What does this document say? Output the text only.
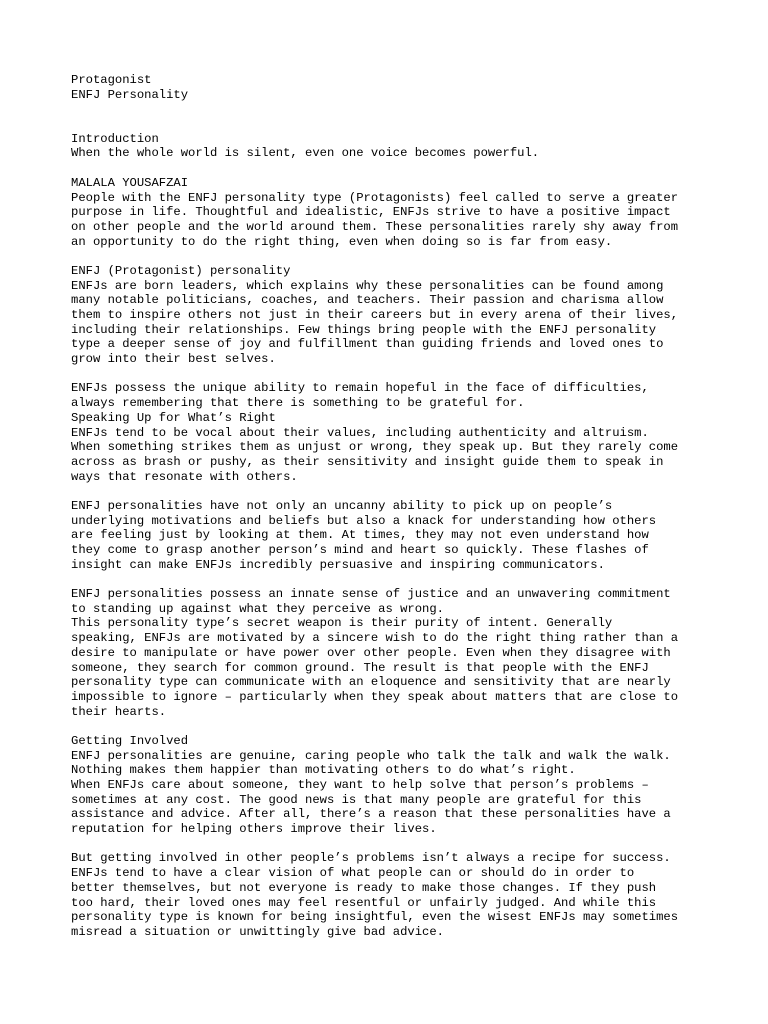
Protagonist
ENFJ Personality
Introduction
When the whole world is silent, even one voice becomes powerful.
MALALA YOUSAFZAI
People with the ENFJ personality type (Protagonists) feel called to serve a greater
purpose in life. Thoughtful and idealistic, ENFJs strive to have a positive impact
on other people and the world around them. These personalities rarely shy away from
an opportunity to do the right thing, even when doing so is far from easy.
ENFJ (Protagonist) personality
ENFJs are born leaders, which explains why these personalities can be found among
many notable politicians, coaches, and teachers. Their passion and charisma allow
them to inspire others not just in their careers but in every arena of their lives,
including their relationships. Few things bring people with the ENFJ personality
type a deeper sense of joy and fulfillment than guiding friends and loved ones to
grow into their best selves.
ENFJs possess the unique ability to remain hopeful in the face of difficulties,
always remembering that there is something to be grateful for.
Speaking Up for What’s Right
ENFJs tend to be vocal about their values, including authenticity and altruism.
When something strikes them as unjust or wrong, they speak up. But they rarely come
across as brash or pushy, as their sensitivity and insight guide them to speak in
ways that resonate with others.
ENFJ personalities have not only an uncanny ability to pick up on people’s
underlying motivations and beliefs but also a knack for understanding how others
are feeling just by looking at them. At times, they may not even understand how
they come to grasp another person’s mind and heart so quickly. These flashes of
insight can make ENFJs incredibly persuasive and inspiring communicators.
ENFJ personalities possess an innate sense of justice and an unwavering commitment
to standing up against what they perceive as wrong.
This personality type’s secret weapon is their purity of intent. Generally
speaking, ENFJs are motivated by a sincere wish to do the right thing rather than a
desire to manipulate or have power over other people. Even when they disagree with
someone, they search for common ground. The result is that people with the ENFJ
personality type can communicate with an eloquence and sensitivity that are nearly
impossible to ignore – particularly when they speak about matters that are close to
their hearts.
Getting Involved
ENFJ personalities are genuine, caring people who talk the talk and walk the walk.
Nothing makes them happier than motivating others to do what’s right.
When ENFJs care about someone, they want to help solve that person’s problems –
sometimes at any cost. The good news is that many people are grateful for this
assistance and advice. After all, there’s a reason that these personalities have a
reputation for helping others improve their lives.
But getting involved in other people’s problems isn’t always a recipe for success.
ENFJs tend to have a clear vision of what people can or should do in order to
better themselves, but not everyone is ready to make those changes. If they push
too hard, their loved ones may feel resentful or unfairly judged. And while this
personality type is known for being insightful, even the wisest ENFJs may sometimes
misread a situation or unwittingly give bad advice.
